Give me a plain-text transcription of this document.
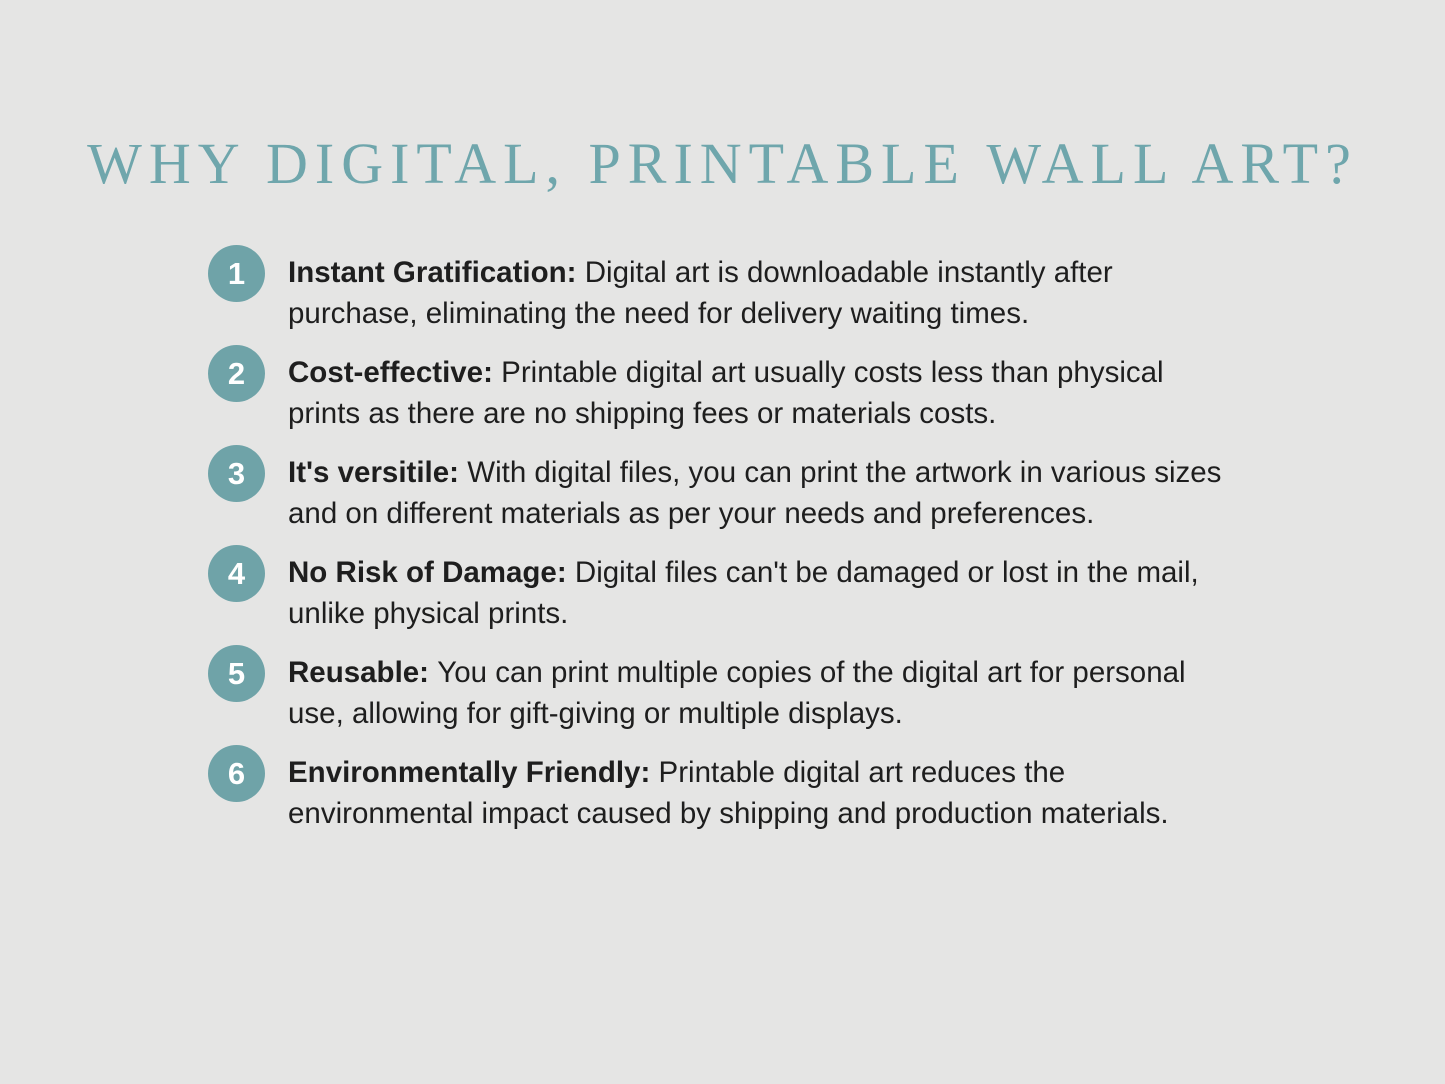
WHY DIGITAL, PRINTABLE WALL ART?
1 Instant Gratification: Digital art is downloadable instantly after purchase, eliminating the need for delivery waiting times.

2 Cost-effective: Printable digital art usually costs less than physical prints as there are no shipping fees or materials costs.

3 It's versitile: With digital files, you can print the artwork in various sizes and on different materials as per your needs and preferences.

4 No Risk of Damage: Digital files can't be damaged or lost in the mail, unlike physical prints.

5 Reusable: You can print multiple copies of the digital art for personal use, allowing for gift-giving or multiple displays.

6 Environmentally Friendly: Printable digital art reduces the environmental impact caused by shipping and production materials.
